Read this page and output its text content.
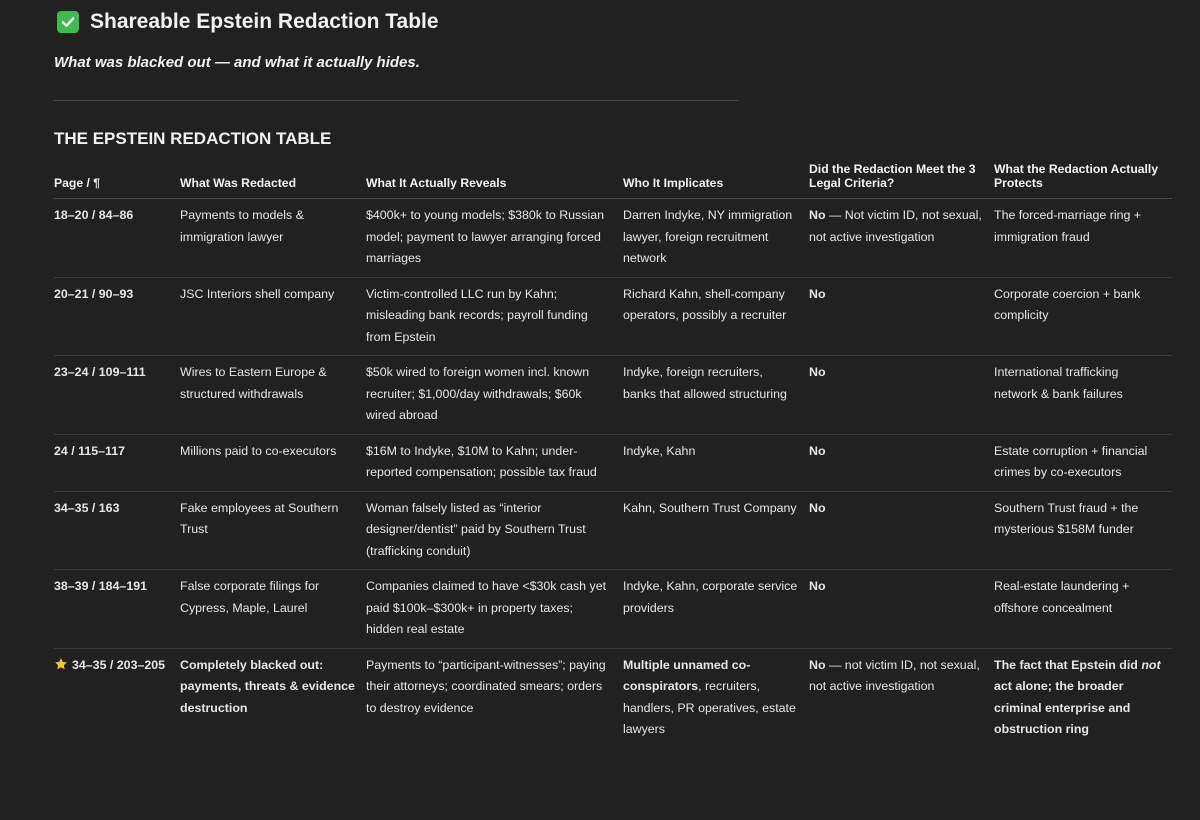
Shareable Epstein Redaction Table
What was blacked out — and what it actually hides.
THE EPSTEIN REDACTION TABLE
Page / ¶	What Was Redacted	What It Actually Reveals	Who It Implicates	Did the Redaction Meet the 3 Legal Criteria?	What the Redaction Actually Protects
18–20 / 84–86	Payments to models & immigration lawyer	$400k+ to young models; $380k to Russian model; payment to lawyer arranging forced marriages	Darren Indyke, NY immigration lawyer, foreign recruitment network	No — Not victim ID, not sexual, not active investigation	The forced-marriage ring + immigration fraud
20–21 / 90–93	JSC Interiors shell company	Victim-controlled LLC run by Kahn; misleading bank records; payroll funding from Epstein	Richard Kahn, shell-company operators, possibly a recruiter	No	Corporate coercion + bank complicity
23–24 / 109–111	Wires to Eastern Europe & structured withdrawals	$50k wired to foreign women incl. known recruiter; $1,000/day withdrawals; $60k wired abroad	Indyke, foreign recruiters, banks that allowed structuring	No	International trafficking network & bank failures
24 / 115–117	Millions paid to co-executors	$16M to Indyke, $10M to Kahn; under-reported compensation; possible tax fraud	Indyke, Kahn	No	Estate corruption + financial crimes by co-executors
34–35 / 163	Fake employees at Southern Trust	Woman falsely listed as “interior designer/dentist” paid by Southern Trust (trafficking conduit)	Kahn, Southern Trust Company	No	Southern Trust fraud + the mysterious $158M funder
38–39 / 184–191	False corporate filings for Cypress, Maple, Laurel	Companies claimed to have <$30k cash yet paid $100k–$300k+ in property taxes; hidden real estate	Indyke, Kahn, corporate service providers	No	Real-estate laundering + offshore concealment
34–35 / 203–205	Completely blacked out: payments, threats & evidence destruction	Payments to “participant-witnesses”; paying their attorneys; coordinated smears; orders to destroy evidence	Multiple unnamed co-conspirators, recruiters, handlers, PR operatives, estate lawyers	No — not victim ID, not sexual, not active investigation	The fact that Epstein did not act alone; the broader criminal enterprise and obstruction ring
